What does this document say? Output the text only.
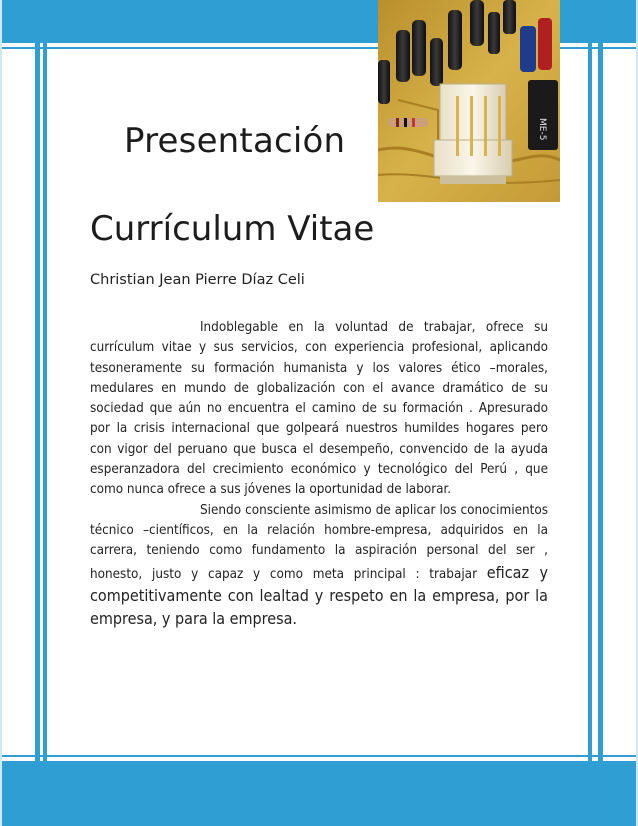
ME-5
Presentación
Currículum Vitae
Christian Jean Pierre Díaz Celi

Indoblegable en la voluntad de trabajar, ofrece su currículum vitae y sus servicios, con experiencia profesional, aplicando tesoneramente su formación humanista y los valores ético –morales, medulares en mundo de globalización con el avance dramático de su sociedad que aún no encuentra el camino de su formación . Apresurado por la crisis internacional que golpeará nuestros humildes hogares pero con vigor del peruano que busca el desempeño, convencido de la ayuda esperanzadora del crecimiento económico y tecnológico del Perú , que como nunca ofrece a sus jóvenes la oportunidad de laborar.

Siendo consciente asimismo de aplicar los conocimientos técnico –científicos, en la relación hombre-empresa, adquiridos en la carrera, teniendo como fundamento la aspiración personal del ser , honesto, justo y capaz y como meta principal : trabajar eficaz y competitivamente con lealtad y respeto en la empresa, por la empresa, y para la empresa.
